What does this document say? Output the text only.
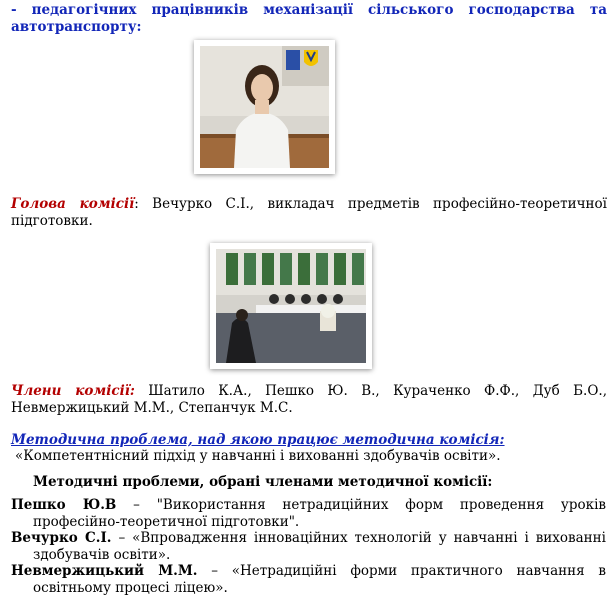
- педагогічних працівників механізації сільського господарства та автотранспорту:
Голова комісії: Вечурко С.І., викладач предметів професійно-теоретичної підготовки.
Члени комісії: Шатило К.А., Пешко Ю. В., Кураченко Ф.Ф., Дуб Б.О., Невмержицький М.М., Степанчук М.С.
Методична проблема, над якою працює методична комісія:
«Компетентнісний підхід у навчанні і вихованні здобувачів освіти».
Методичні проблеми, обрані членами методичної комісії:
Пешко Ю.В – "Використання нетрадиційних форм проведення уроків професійно-теоретичної підготовки".
Вечурко С.І. – «Впровадження інноваційних технологій у навчанні і вихованні здобувачів освіти».
Невмержицький М.М. – «Нетрадиційні форми практичного навчання в освітньому процесі ліцею».
